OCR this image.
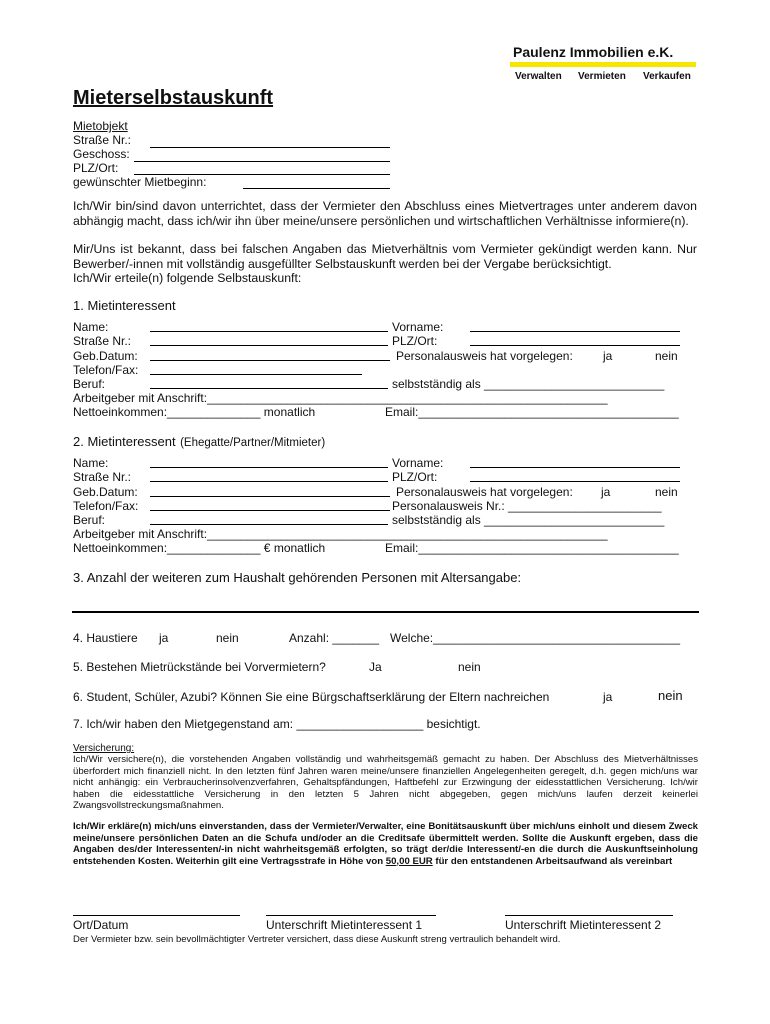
Paulenz Immobilien e.K.
Verwalten Vermieten Verkaufen
Mieterselbstauskunft
Mietobjekt
Straße Nr.:
Geschoss:
PLZ/Ort:
gewünschter Mietbeginn:
Ich/Wir bin/sind davon unterrichtet, dass der Vermieter den Abschluss eines Mietvertrages unter anderem davon abhängig macht, dass ich/wir ihn über meine/unsere persönlichen und wirtschaftlichen Verhältnisse informiere(n).
Mir/Uns ist bekannt, dass bei falschen Angaben das Mietverhältnis vom Vermieter gekündigt werden kann. Nur Bewerber/-innen mit vollständig ausgefüllter Selbstauskunft werden bei der Vergabe berücksichtigt.
Ich/Wir erteile(n) folgende Selbstauskunft:
1. Mietinteressent
Name:	Vorname:
Straße Nr.:	PLZ/Ort:
Geb.Datum:	Personalausweis hat vorgelegen:	ja	nein
Telefon/Fax:
Beruf:	selbstständig als ___________________________
Arbeitgeber mit Anschrift:____________________________________________________________
Nettoeinkommen:______________ monatlich	Email:_______________________________________
2. Mietinteressent (Ehegatte/Partner/Mitmieter)
Name:	Vorname:
Straße Nr.:	PLZ/Ort:
Geb.Datum:	Personalausweis hat vorgelegen: ja	nein
Telefon/Fax:	Personalausweis Nr.: _______________________
Beruf:	selbstständig als ___________________________
Arbeitgeber mit Anschrift:____________________________________________________________
Nettoeinkommen:______________ € monatlich	Email:_______________________________________
3. Anzahl der weiteren zum Haushalt gehörenden Personen mit Altersangabe:
4. Haustiere ja	nein	Anzahl: _______ Welche:_____________________________________
5. Bestehen Mietrückstände bei Vorvermietern?	Ja	nein
6. Student, Schüler, Azubi? Können Sie eine Bürgschaftserklärung der Eltern nachreichen	ja	nein
7. Ich/wir haben den Mietgegenstand am: ___________________ besichtigt.
Versicherung:
Ich/Wir versichere(n), die vorstehenden Angaben vollständig und wahrheitsgemäß gemacht zu haben. Der Abschluss des Mietverhältnisses überfordert mich finanziell nicht. In den letzten fünf Jahren waren meine/unsere finanziellen Angelegenheiten geregelt, d.h. gegen mich/uns war nicht anhängig: ein Verbraucherinsolvenzverfahren, Gehaltspfändungen, Haftbefehl zur Erzwingung der eidesstattlichen Versicherung. Ich/wir haben die eidesstattliche Versicherung in den letzten 5 Jahren nicht abgegeben, gegen mich/uns laufen derzeit keinerlei Zwangsvollstreckungsmaßnahmen.
Ich/Wir erkläre(n) mich/uns einverstanden, dass der Vermieter/Verwalter, eine Bonitätsauskunft über mich/uns einholt und diesem Zweck meine/unsere persönlichen Daten an die Schufa und/oder an die Creditsafe übermittelt werden. Sollte die Auskunft ergeben, dass die Angaben des/der Interessenten/-in nicht wahrheitsgemäß erfolgten, so trägt der/die Interessent/-en die durch die Auskunftseinholung entstehenden Kosten. Weiterhin gilt eine Vertragsstrafe in Höhe von 50,00 EUR für den entstandenen Arbeitsaufwand als vereinbart
Ort/Datum	Unterschrift Mietinteressent 1	Unterschrift Mietinteressent 2
Der Vermieter bzw. sein bevollmächtigter Vertreter versichert, dass diese Auskunft streng vertraulich behandelt wird.
